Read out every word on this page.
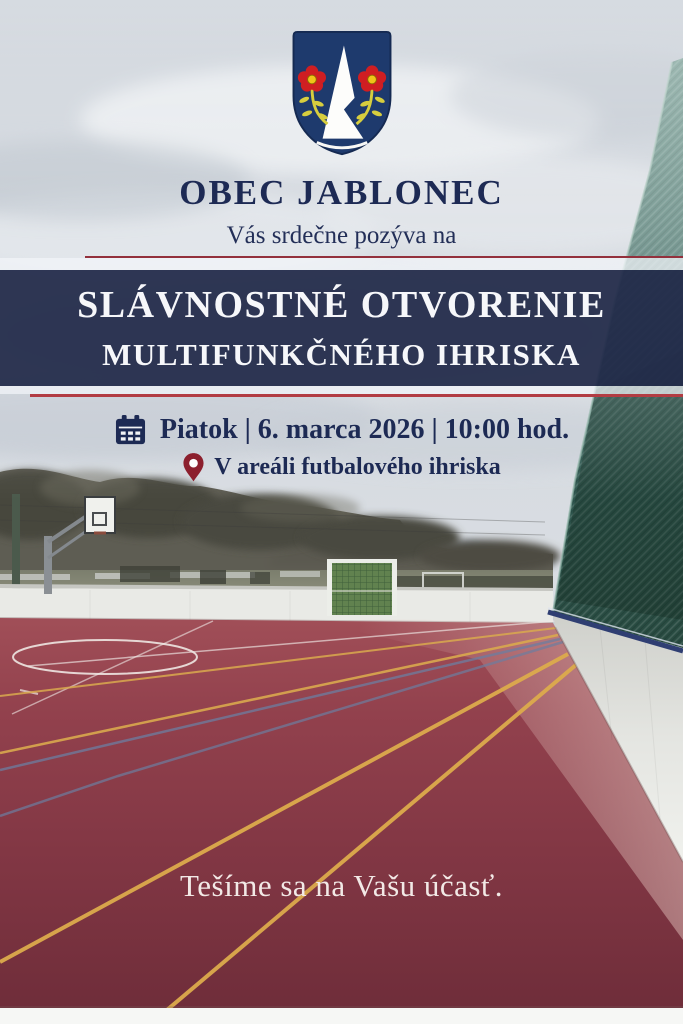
SLÁVNOSTNÉ OTVORENIE
MULTIFUNKČNÉHO IHRISKA
OBEC JABLONEC
Vás srdečne pozýva na
Piatok | 6. marca 2026 | 10:00 hod.
V areáli futbalového ihriska
Tešíme sa na Vašu účasť.
